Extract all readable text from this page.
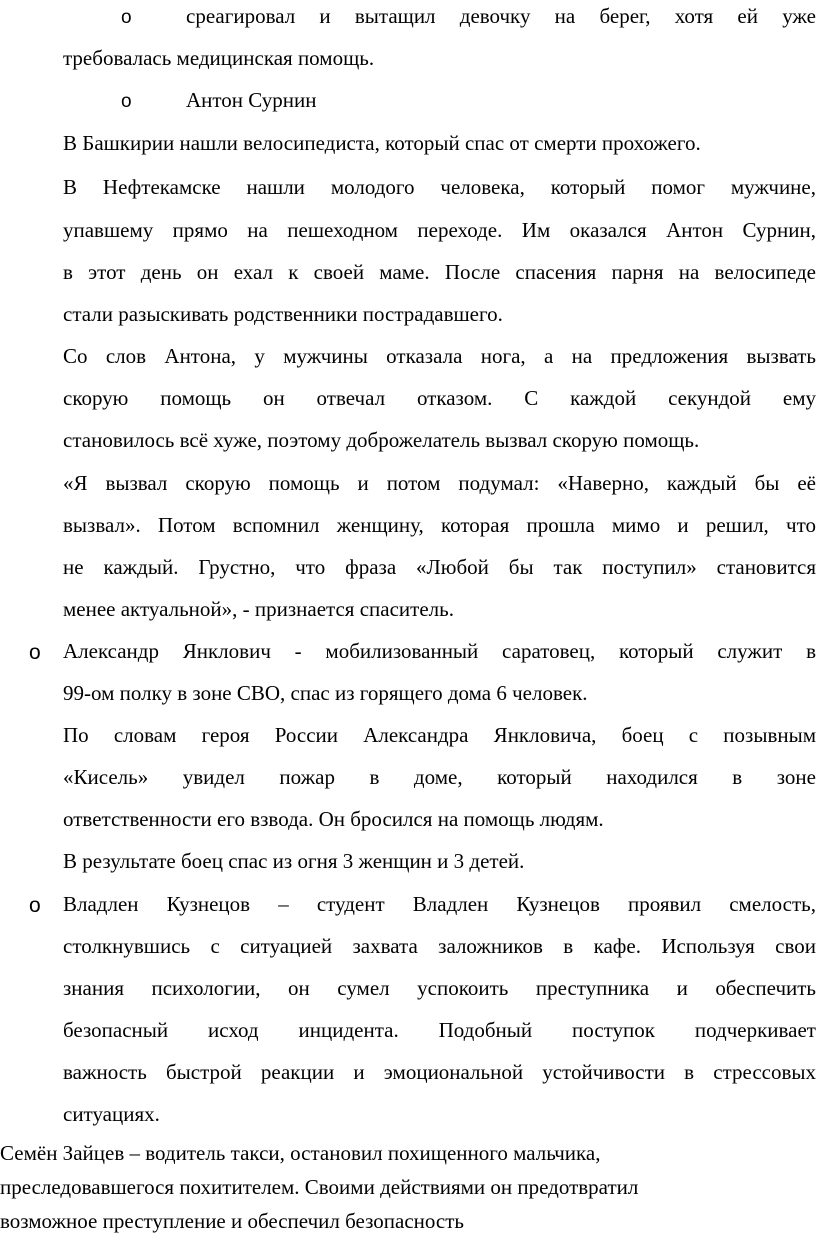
o	среагировал и вытащил девочку на берег, хотя ей уже
требовалась медицинская помощь.
o	Антон Сурнин
В Башкирии нашли велосипедиста, который спас от смерти прохожего.
В Нефтекамске нашли молодого человека, который помог мужчине,
упавшему прямо на пешеходном переходе. Им оказался Антон Сурнин,
в этот день он ехал к своей маме. После спасения парня на велосипеде
стали разыскивать родственники пострадавшего.
Со слов Антона, у мужчины отказала нога, а на предложения вызвать
скорую помощь он отвечал отказом. С каждой секундой ему
становилось всё хуже, поэтому доброжелатель вызвал скорую помощь.
«Я вызвал скорую помощь и потом подумал: «Наверно, каждый бы её
вызвал». Потом вспомнил женщину, которая прошла мимо и решил, что
не каждый. Грустно, что фраза «Любой бы так поступил» становится
менее актуальной», - признается спаситель.
o Александр Янклович - мобилизованный саратовец, который служит в
99-ом полку в зоне СВО, спас из горящего дома 6 человек.
По словам героя России Александра Янкловича, боец с позывным
«Кисель» увидел пожар в доме, который находился в зоне
ответственности его взвода. Он бросился на помощь людям.
В результате боец спас из огня 3 женщин и 3 детей.
o Владлен Кузнецов – студент Владлен Кузнецов проявил смелость,
столкнувшись с ситуацией захвата заложников в кафе. Используя свои
знания психологии, он сумел успокоить преступника и обеспечить
безопасный исход инцидента. Подобный поступок подчеркивает
важность быстрой реакции и эмоциональной устойчивости в стрессовых
ситуациях.
Семён Зайцев – водитель такси, остановил похищенного мальчика,
преследовавшегося похитителем. Своими действиями он предотвратил
возможное преступление и обеспечил безопасность
